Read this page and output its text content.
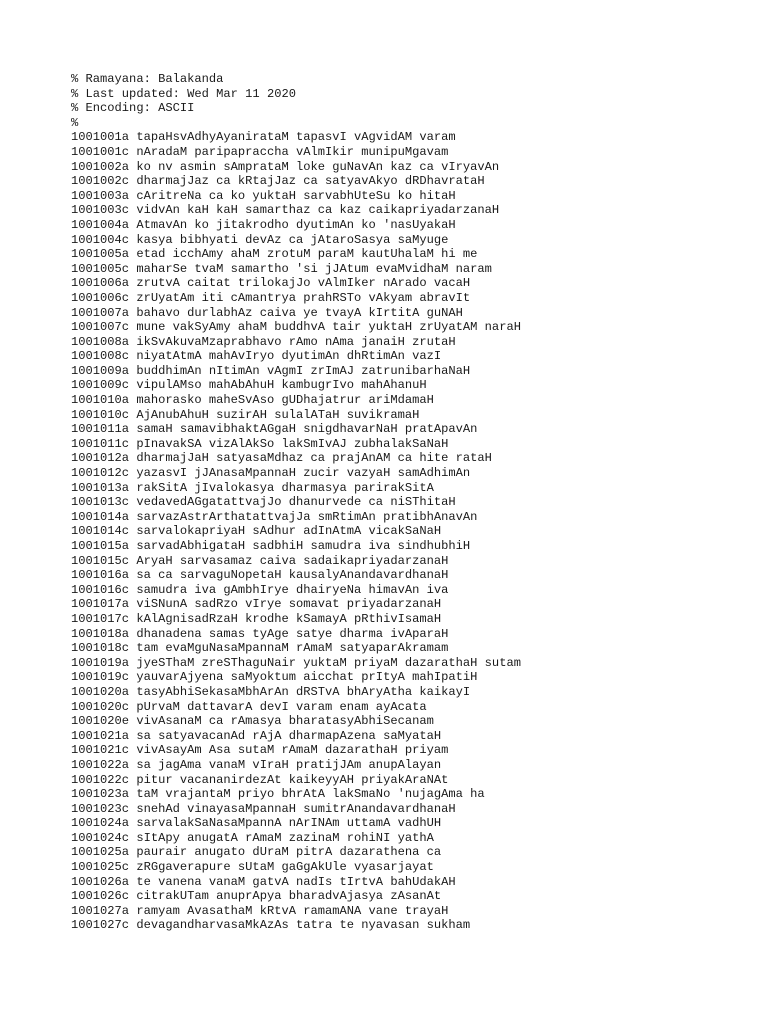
% Ramayana: Balakanda
% Last updated: Wed Mar 11 2020
% Encoding: ASCII
%
1001001a tapaHsvAdhyAyanirataM tapasvI vAgvidAM varam
1001001c nAradaM paripapraccha vAlmIkir munipuMgavam
1001002a ko nv asmin sAmprataM loke guNavAn kaz ca vIryavAn
1001002c dharmajJaz ca kRtajJaz ca satyavAkyo dRDhavrataH
1001003a cAritreNa ca ko yuktaH sarvabhUteSu ko hitaH
1001003c vidvAn kaH kaH samarthaz ca kaz caikapriyadarzanaH
1001004a AtmavAn ko jitakrodho dyutimAn ko 'nasUyakaH
1001004c kasya bibhyati devAz ca jAtaroSasya saMyuge
1001005a etad icchAmy ahaM zrotuM paraM kautUhalaM hi me
1001005c maharSe tvaM samartho 'si jJAtum evaMvidhaM naram
1001006a zrutvA caitat trilokajJo vAlmIker nArado vacaH
1001006c zrUyatAm iti cAmantrya prahRSTo vAkyam abravIt
1001007a bahavo durlabhAz caiva ye tvayA kIrtitA guNAH
1001007c mune vakSyAmy ahaM buddhvA tair yuktaH zrUyatAM naraH
1001008a ikSvAkuvaMzaprabhavo rAmo nAma janaiH zrutaH
1001008c niyatAtmA mahAvIryo dyutimAn dhRtimAn vazI
1001009a buddhimAn nItimAn vAgmI zrImAJ zatrunibarhaNaH
1001009c vipulAMso mahAbAhuH kambugrIvo mahAhanuH
1001010a mahorasko maheSvAso gUDhajatrur ariMdamaH
1001010c AjAnubAhuH suzirAH sulalATaH suvikramaH
1001011a samaH samavibhaktAGgaH snigdhavarNaH pratApavAn
1001011c pInavakSA vizAlAkSo lakSmIvAJ zubhalakSaNaH
1001012a dharmajJaH satyasaMdhaz ca prajAnAM ca hite rataH
1001012c yazasvI jJAnasaMpannaH zucir vazyaH samAdhimAn
1001013a rakSitA jIvalokasya dharmasya parirakSitA
1001013c vedavedAGgatattvajJo dhanurvede ca niSThitaH
1001014a sarvazAstrArthatattvajJa smRtimAn pratibhAnavAn
1001014c sarvalokapriyaH sAdhur adInAtmA vicakSaNaH
1001015a sarvadAbhigataH sadbhiH samudra iva sindhubhiH
1001015c AryaH sarvasamaz caiva sadaikapriyadarzanaH
1001016a sa ca sarvaguNopetaH kausalyAnandavardhanaH
1001016c samudra iva gAmbhIrye dhairyeNa himavAn iva
1001017a viSNunA sadRzo vIrye somavat priyadarzanaH
1001017c kAlAgnisadRzaH krodhe kSamayA pRthivIsamaH
1001018a dhanadena samas tyAge satye dharma ivAparaH
1001018c tam evaMguNasaMpannaM rAmaM satyaparAkramam
1001019a jyeSThaM zreSThaguNair yuktaM priyaM dazarathaH sutam
1001019c yauvarAjyena saMyoktum aicchat prItyA mahIpatiH
1001020a tasyAbhiSekasaMbhArAn dRSTvA bhAryAtha kaikayI
1001020c pUrvaM dattavarA devI varam enam ayAcata
1001020e vivAsanaM ca rAmasya bharatasyAbhiSecanam
1001021a sa satyavacanAd rAjA dharmapAzena saMyataH
1001021c vivAsayAm Asa sutaM rAmaM dazarathaH priyam
1001022a sa jagAma vanaM vIraH pratijJAm anupAlayan
1001022c pitur vacananirdezAt kaikeyyAH priyakAraNAt
1001023a taM vrajantaM priyo bhrAtA lakSmaNo 'nujagAma ha
1001023c snehAd vinayasaMpannaH sumitrAnandavardhanaH
1001024a sarvalakSaNasaMpannA nArINAm uttamA vadhUH
1001024c sItApy anugatA rAmaM zazinaM rohiNI yathA
1001025a paurair anugato dUraM pitrA dazarathena ca
1001025c zRGgaverapure sUtaM gaGgAkUle vyasarjayat
1001026a te vanena vanaM gatvA nadIs tIrtvA bahUdakAH
1001026c citrakUTam anuprApya bharadvAjasya zAsanAt
1001027a ramyam AvasathaM kRtvA ramamANA vane trayaH
1001027c devagandharvasaMkAzAs tatra te nyavasan sukham
